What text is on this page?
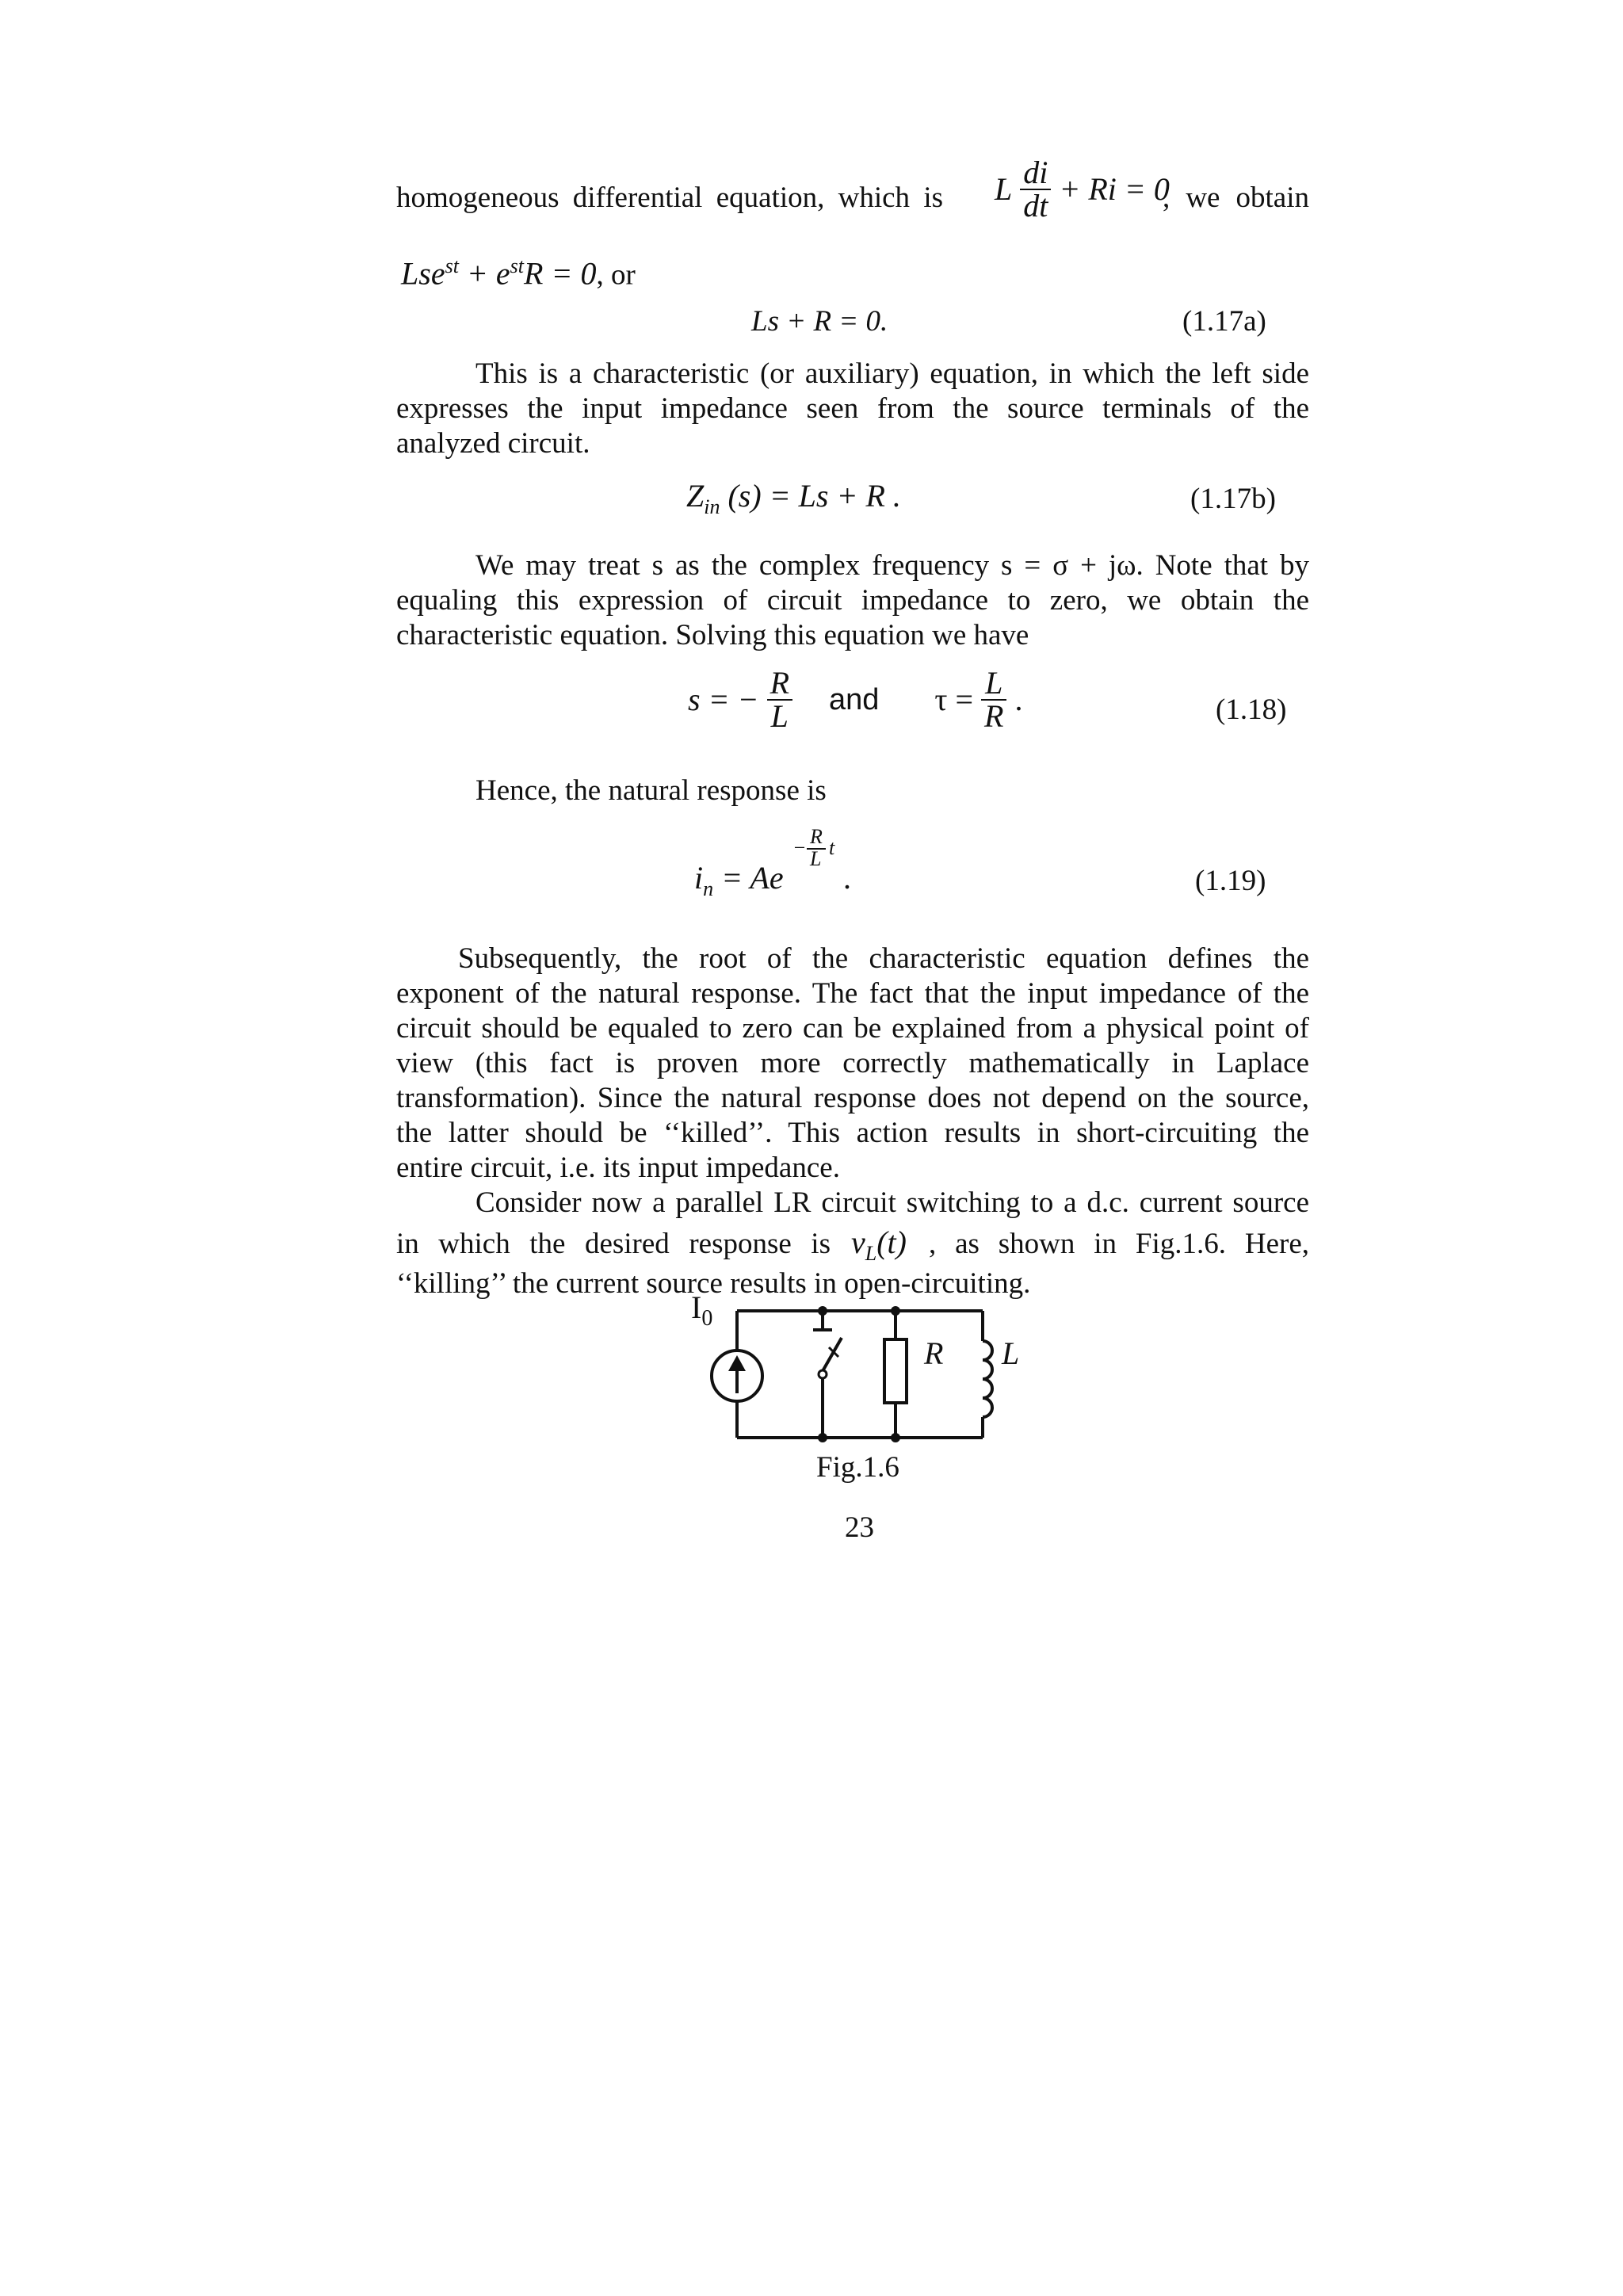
homogeneous differential equation, which is L $\frac{di}{dt} + Ri = 0$
, we obtain
$Lse^{st} + e^{st}R = 0$, or
Ls + R = 0.	(1.17a)
This is a characteristic (or auxiliary) equation, in which the left side
expresses the input impedance seen from the source terminals of the
analyzed circuit.
$Z_{in}$ (s) = Ls + R .	(1.17b)
We may treat s as the complex frequency s = σ + jω. Note that by
equaling this expression of circuit impedance to zero, we obtain the
characteristic equation. Solving this equation we have
s = − $\frac{R}{L}$ and $\tau = \frac{L}{R}$ .	(1.18)
Hence, the natural response is
$i_n = Ae$
− R
L t
.	(1.19)
Subsequently, the root of the characteristic equation defines the
exponent of the natural response. The fact that the input impedance of the
circuit should be equaled to zero can be explained from a physical point of
view (this fact is proven more correctly mathematically in Laplace
transformation). Since the natural response does not depend on the source,
the latter should be ‘‘killed’’. This action results in short-circuiting the
entire circuit, i.e. its input impedance.
Consider now a parallel LR circuit switching to a d.c. current source
in which the desired response is $v_L(t)$ , as shown in Fig.1.6. Here,
‘‘killing’’ the current source results in open-circuiting.
$I_0$
R L
Fig.1.6
23
